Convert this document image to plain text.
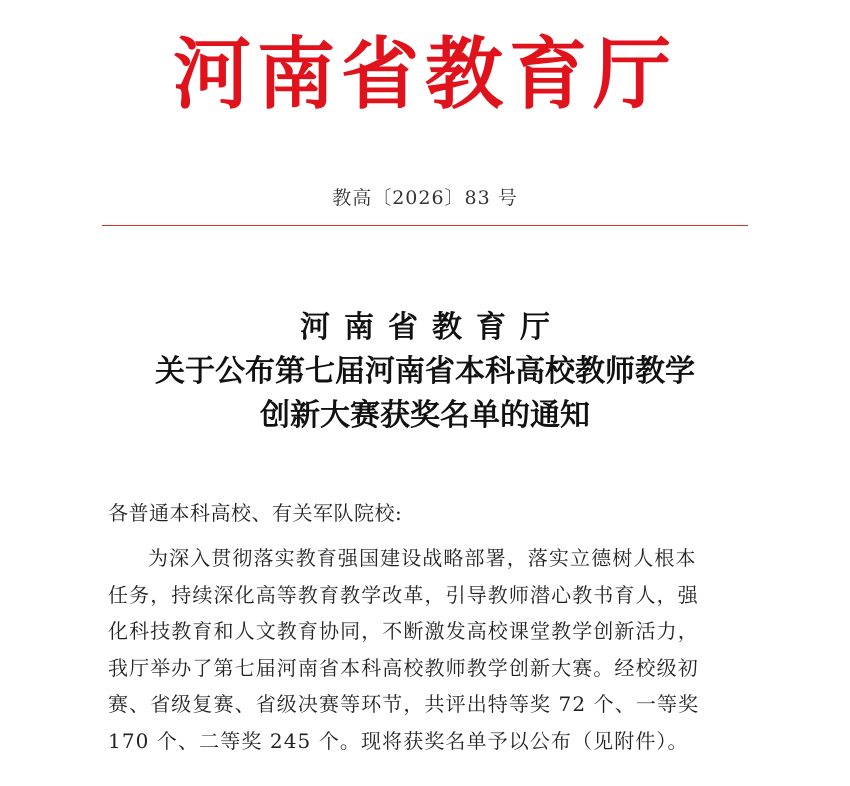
河南省教育厅
教高〔2026〕83 号
河南省教育厅
关于公布第七届河南省本科高校教师教学
创新大赛获奖名单的通知
各普通本科高校、有关军队院校:
为深入贯彻落实教育强国建设战略部署，落实立德树人根本
任务，持续深化高等教育教学改革，引导教师潜心教书育人，强
化科技教育和人文教育协同，不断激发高校课堂教学创新活力，
我厅举办了第七届河南省本科高校教师教学创新大赛。经校级初
赛、省级复赛、省级决赛等环节，共评出特等奖 72 个、一等奖
170 个、二等奖 245 个。现将获奖名单予以公布（见附件）。
